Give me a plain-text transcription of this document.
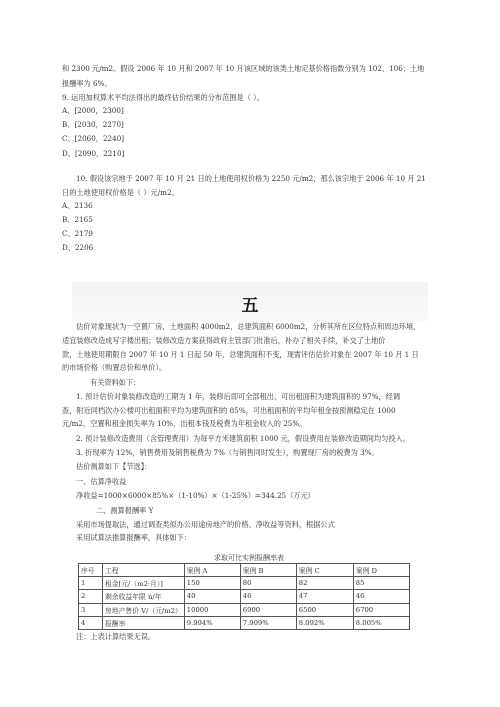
和 2300 元/m2。假设 2006 年 10 月和 2007 年 10 月该区域的该类土地定基价格指数分别为 102、106；土地
报酬率为 6%。
9. 运用加权算术平均法得出的最终估价结果的分布范围是（ ）。
A、[2000，2300]
B、[2030，2270]
C、[2060，2240]
D、[2090，2210]
10. 假设该宗地于 2007 年 10 月 21 日的土地使用权价格为 2250 元/m2，那么该宗地于 2006 年 10 月 21
日的土地使用权价格是（ ）元/m2。
A、2136
B、2165
C、2179
D、2206
五
估价对象现状为一空置厂房，土地面积 4000m2，总建筑面积 6000m2，分析其所在区位特点和周边环境，
适宜装修改造成写字楼出租；装修改造方案获得政府主管部门批准后，补办了相关手续，补交了土地价
款，土地使用期限自 2007 年 10 月 1 日起 50 年，总建筑面积不变，现需评估估价对象在 2007 年 10 月 1 日
的市场价格（购置总价和单价）。
有关资料如下：
1. 预计估价对象装修改造的工期为 1 年，装修后即可全部租出，可出租面积为建筑面积的 97%，经调
查，附近同档次办公楼可出租面积平均为建筑面积的 85%，可出租面积的平均年租金按预测稳定在 1000
元/m2，空置和租金损失率为 10%，出租本钱及税费为年租金收入的 25%。
2. 预计装修改造费用（含管理费用）为每平方米建筑面积 1000 元，假设费用在装修改造期间均匀投入。
3. 折现率为 12%，销售费用及销售税费为 7%（与销售同时发生），购置现厂房的税费为 3%。
估价测算如下【节选】：
一、估算净收益
净收益=1000×6000×85%×（1-10%）×（1-25%）=344.25（万元）
二、测算报酬率 Y
采用市场提取法，通过调查类似办公用途房地产的价格、净收益等资料，根据公式
采用试算法推算报酬率，具体如下：
求取可比实例报酬率表
序号	工程	案例 A	案例 B	案例 C	案例 D
1	租金[元/（m2·月）]	150	80	82	85
2	剩余收益年限 n/年	40	46	47	46
3	房地产售价 V/（元/m2）	10000	6900	6500	6700
4	报酬率	9.994%	7.909%	8.092%	8.005%
注：上表计算结果无误。
